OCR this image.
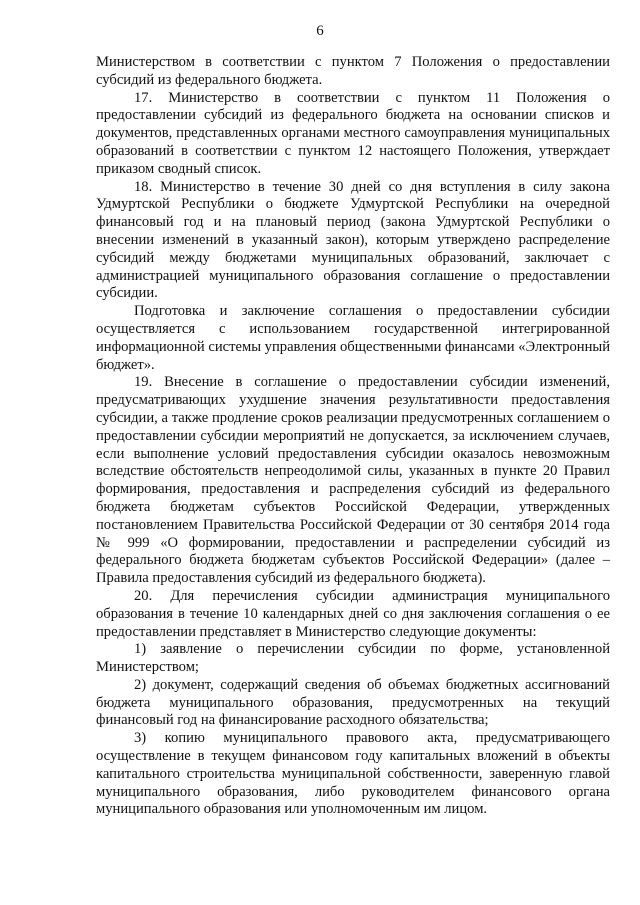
6

Министерством в соответствии с пунктом 7 Положения о предоставлении субсидий из федерального бюджета.

17. Министерство в соответствии с пунктом 11 Положения о предоставлении субсидий из федерального бюджета на основании списков и документов, представленных органами местного самоуправления муниципальных образований в соответствии с пунктом 12 настоящего Положения, утверждает приказом сводный список.

18. Министерство в течение 30 дней со дня вступления в силу закона Удмуртской Республики о бюджете Удмуртской Республики на очередной финансовый год и на плановый период (закона Удмуртской Республики о внесении изменений в указанный закон), которым утверждено распределение субсидий между бюджетами муниципальных образований, заключает с администрацией муниципального образования соглашение о предоставлении субсидии.

Подготовка и заключение соглашения о предоставлении субсидии осуществляется с использованием государственной интегрированной информационной системы управления общественными финансами «Электронный бюджет».

19. Внесение в соглашение о предоставлении субсидии изменений, предусматривающих ухудшение значения результативности предоставления субсидии, а также продление сроков реализации предусмотренных соглашением о предоставлении субсидии мероприятий не допускается, за исключением случаев, если выполнение условий предоставления субсидии оказалось невозможным вследствие обстоятельств непреодолимой силы, указанных в пункте 20 Правил формирования, предоставления и распределения субсидий из федерального бюджета бюджетам субъектов Российской Федерации, утвержденных постановлением Правительства Российской Федерации от 30 сентября 2014 года № 999 «О формировании, предоставлении и распределении субсидий из федерального бюджета бюджетам субъектов Российской Федерации» (далее – Правила предоставления субсидий из федерального бюджета).

20. Для перечисления субсидии администрация муниципального образования в течение 10 календарных дней со дня заключения соглашения о ее предоставлении представляет в Министерство следующие документы:

1) заявление о перечислении субсидии по форме, установленной Министерством;

2) документ, содержащий сведения об объемах бюджетных ассигнований бюджета муниципального образования, предусмотренных на текущий финансовый год на финансирование расходного обязательства;

3) копию муниципального правового акта, предусматривающего осуществление в текущем финансовом году капитальных вложений в объекты капитального строительства муниципальной собственности, заверенную главой муниципального образования, либо руководителем финансового органа муниципального образования или уполномоченным им лицом.
